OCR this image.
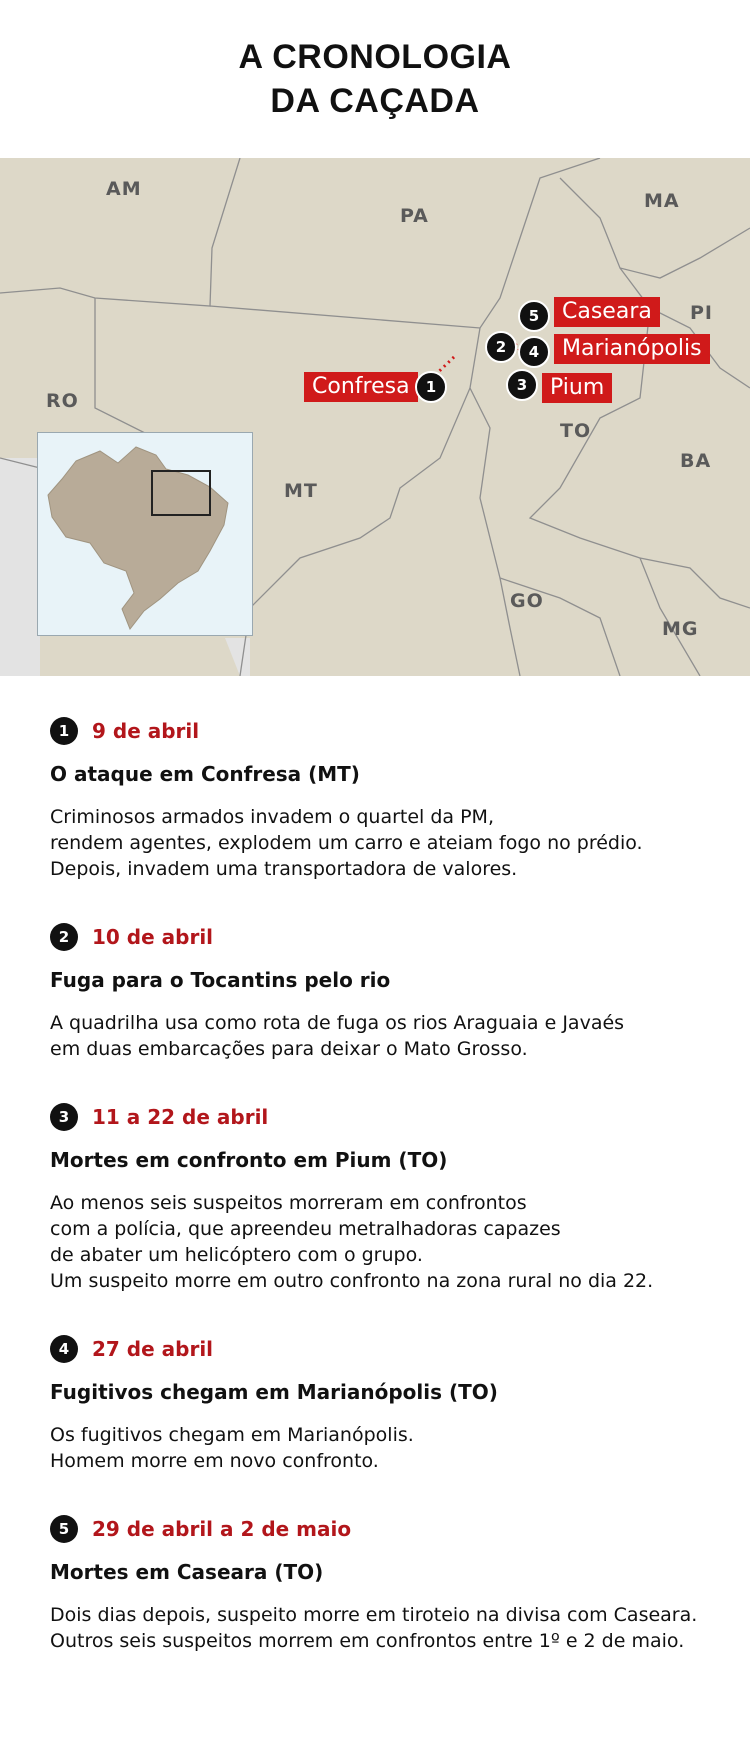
A CRONOLOGIA
DA CAÇADA
AM
PA
MA
PI
RO
TO
BA
MT
GO
MG
Confresa	1
2
3	Pium
4	Marianópolis
5	Caseara
1	9 de abril
O ataque em Confresa (MT)

Criminosos armados invadem o quartel da PM,
rendem agentes, explodem um carro e ateiam fogo no prédio.
Depois, invadem uma transportadora de valores.

2	10 de abril
Fuga para o Tocantins pelo rio

A quadrilha usa como rota de fuga os rios Araguaia e Javaés
em duas embarcações para deixar o Mato Grosso.

3	11 a 22 de abril
Mortes em confronto em Pium (TO)

Ao menos seis suspeitos morreram em confrontos
com a polícia, que apreendeu metralhadoras capazes
de abater um helicóptero com o grupo.
Um suspeito morre em outro confronto na zona rural no dia 22.

4	27 de abril
Fugitivos chegam em Marianópolis (TO)

Os fugitivos chegam em Marianópolis.
Homem morre em novo confronto.

5	29 de abril a 2 de maio
Mortes em Caseara (TO)

Dois dias depois, suspeito morre em tiroteio na divisa com Caseara.
Outros seis suspeitos morrem em confrontos entre 1º e 2 de maio.
